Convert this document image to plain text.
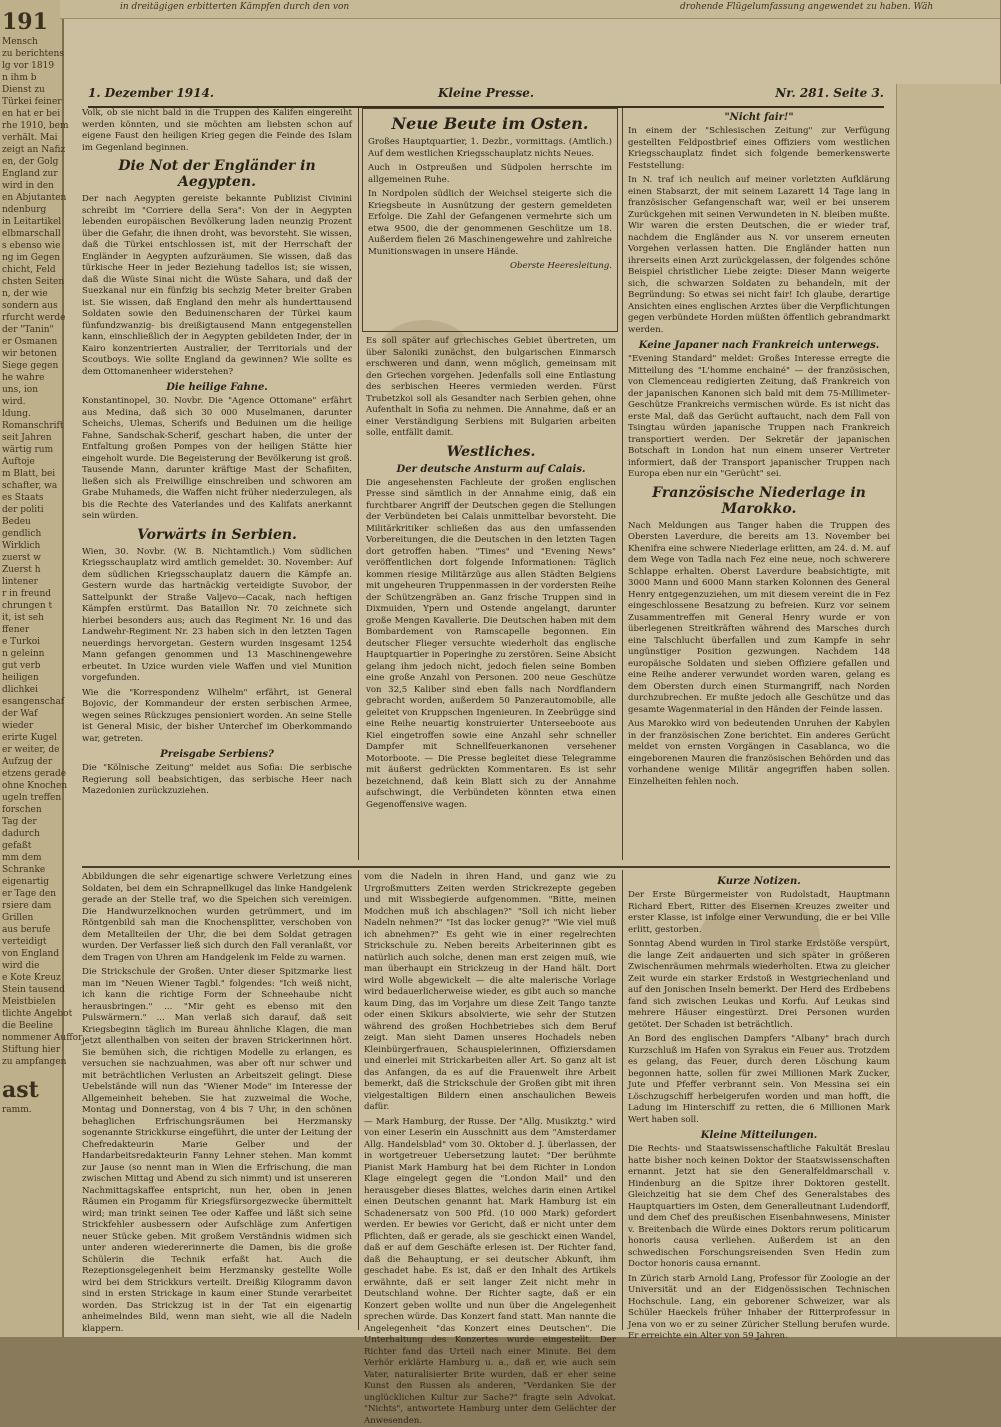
191
Mensch
zu berichtens
lg vor 1819
n ihm b
Dienst zu
Türkei feiner
en hat er bei
rhe 1910, bem
verhält. Mai
zeigt an Nafiz
en, der Golg
England zur
wird in den
en Abjutanten
ndenburg
in Leitartikel
elbmarschall
s ebenso wie
ng im Gegen
chicht, Feld
chsten Seiten
n, der wie
sondern aus
rfurcht werde
der "Tanin"
er Osmanen
wir betonen
Siege gegen
he wahre
uns, ion
wird.
ldung.
Romanschrift
seit Jahren
wärtig rum
Auftoje
m Blatt, bei
schafter, wa
es Staats
der politi
Bedeu
gendlich
Wirklich
zuerst w
Zuerst h
lintener
r in freund
chrungen t
it, ist seh
ffener
e Turkoi
n geleinn
gut verb
heiligen
dlichkei
esangenschaf
der Waf
wieder
erirte Kugel
er weiter, de
Aufzug der
etzens gerade
ohne Knochen
ugeln treffen
forschen
Tag der
dadurch
gefaßt
mm dem
Schranke
eigenartig
er Tage den
rsiere dam
Grillen
aus berufe
verteidigt
von England
wird die
e Kote Kreuz
Stein tausend
Meistbielen
tlichte Angebot
die Beeline
nommener Auffor
Stiftung hier
zu ampfangen
ast
ramm.
in dreitägigen erbitterten Kämpfen durch den von	drohende Flügelumfassung angewendet zu haben. Wäh
1. Dezember 1914.	Kleine Presse.	Nr. 281. Seite 3.

Volk, ob sie nicht bald in die Truppen des Kalifen eingereiht werden könnten, und sie möchten am liebsten schon auf eigene Faust den heiligen Krieg gegen die Feinde des Islam im Gegenland beginnen.

Die Not der Engländer in Aegypten.

Der nach Aegypten gereiste bekannte Publizist Civinini schreibt im "Corriere della Sera": Von der in Aegypten lebenden europäischen Bevölkerung laden neunzig Prozent über die Gefahr, die ihnen droht, was bevorsteht. Sie wissen, daß die Türkei entschlossen ist, mit der Herrschaft der Engländer in Aegypten aufzuräumen. Sie wissen, daß das türkische Heer in jeder Beziehung tadellos ist; sie wissen, daß die Wüste Sinai nicht die Wüste Sahara, und daß der Suezkanal nur ein fünfzig bis sechzig Meter breiter Graben ist. Sie wissen, daß England den mehr als hunderttausend Soldaten sowie den Beduinenscharen der Türkei kaum fünfundzwanzig- bis dreißigtausend Mann entgegenstellen kann, einschließlich der in Aegypten gebildeten Inder, der in Kairo konzentrierten Australier, der Territorials und der Scoutboys. Wie sollte England da gewinnen? Wie sollte es dem Ottomanenheer widerstehen?

Die heilige Fahne.

Konstantinopel, 30. Novbr. Die "Agence Ottomane" erfährt aus Medina, daß sich 30 000 Muselmanen, darunter Scheichs, Ulemas, Scherifs und Beduinen um die heilige Fahne, Sandschak-Scherif, geschart haben, die unter der Entfaltung großen Pompes von der heiligen Stätte hier eingeholt wurde. Die Begeisterung der Bevölkerung ist groß. Tausende Mann, darunter kräftige Mast der Schafiiten, ließen sich als Freiwillige einschreiben und schworen am Grabe Muhameds, die Waffen nicht früher niederzulegen, als bis die Rechte des Vaterlandes und des Kalifats anerkannt sein würden.

Vorwärts in Serbien.

Wien, 30. Novbr. (W. B. Nichtamtlich.) Vom südlichen Kriegsschauplatz wird amtlich gemeldet: 30. November: Auf dem südlichen Kriegsschauplatz dauern die Kämpfe an. Gestern wurde das hartnäckig verteidigte Suvobor, der Sattelpunkt der Straße Valjevo—Cacak, nach heftigen Kämpfen erstürmt. Das Bataillon Nr. 70 zeichnete sich hierbei besonders aus; auch das Regiment Nr. 16 und das Landwehr-Regiment Nr. 23 haben sich in den letzten Tagen neuerdings hervorgetan. Gestern wurden insgesamt 1254 Mann gefangen genommen und 13 Maschinengewehre erbeutet. In Uzice wurden viele Waffen und viel Munition vorgefunden.

Wie die "Korrespondenz Wilhelm" erfährt, ist General Bojovic, der Kommandeur der ersten serbischen Armee, wegen seines Rückzuges pensioniert worden. An seine Stelle ist General Misic, der bisher Unterchef im Oberkommando war, getreten.

Preisgabe Serbiens?

Die "Kölnische Zeitung" meldet aus Sofia: Die serbische Regierung soll beabsichtigen, das serbische Heer nach Mazedonien zurückzuziehen.

Neue Beute im Osten.

Großes Hauptquartier, 1. Dezbr., vormittags. (Amtlich.) Auf dem westlichen Kriegsschauplatz nichts Neues.

Auch in Ostpreußen und Südpolen herrschte im allgemeinen Ruhe.

In Nordpolen südlich der Weichsel steigerte sich die Kriegsbeute in Ausnützung der gestern gemeldeten Erfolge. Die Zahl der Gefangenen vermehrte sich um etwa 9500, die der genommenen Geschütze um 18. Außerdem fielen 26 Maschinengewehre und zahlreiche Munitionswagen in unsere Hände.

Oberste Heeresleitung.

Es soll später auf griechisches Gebiet übertreten, um über Saloniki zunächst, den bulgarischen Einmarsch erschweren und dann, wenn möglich, gemeinsam mit den Griechen vorgehen. Jedenfalls soll eine Entlastung des serbischen Heeres vermieden werden. Fürst Trubetzkoi soll als Gesandter nach Serbien gehen, ohne Aufenthalt in Sofia zu nehmen. Die Annahme, daß er an einer Verständigung Serbiens mit Bulgarien arbeiten solle, entfällt damit.

Westliches.
Der deutsche Ansturm auf Calais.

Die angesehensten Fachleute der großen englischen Presse sind sämtlich in der Annahme einig, daß ein furchtbarer Angriff der Deutschen gegen die Stellungen der Verbündeten bei Calais unmittelbar bevorsteht. Die Militärkritiker schließen das aus den umfassenden Vorbereitungen, die die Deutschen in den letzten Tagen dort getroffen haben. "Times" und "Evening News" veröffentlichen dort folgende Informationen: Täglich kommen riesige Militärzüge aus allen Städten Belgiens mit ungeheuren Truppenmassen in der vordersten Reihe der Schützengräben an. Ganz frische Truppen sind in Dixmuiden, Ypern und Ostende angelangt, darunter große Mengen Kavallerie. Die Deutschen haben mit dem Bombardement von Ramscapelle begonnen. Ein deutscher Flieger versuchte wiederholt das englische Hauptquartier in Poperinghe zu zerstören. Seine Absicht gelang ihm jedoch nicht, jedoch fielen seine Bomben eine große Anzahl von Personen. 200 neue Geschütze von 32,5 Kaliber sind eben falls nach Nordflandern gebracht worden, außerdem 50 Panzerautomobile, alle geleitet von Kruppschen Ingenieuren. In Zeebrügge sind eine Reihe neuartig konstruierter Unterseeboote aus Kiel eingetroffen sowie eine Anzahl sehr schneller Dampfer mit Schnellfeuerkanonen versehener Motorboote. — Die Presse begleitet diese Telegramme mit äußerst gedrückten Kommentaren. Es ist sehr bezeichnend, daß kein Blatt sich zu der Annahme aufschwingt, die Verbündeten könnten etwa einen Gegenoffensive wagen.

"Nicht fair!"

In einem der "Schlesischen Zeitung" zur Verfügung gestellten Feldpostbrief eines Offiziers vom westlichen Kriegsschauplatz findet sich folgende bemerkenswerte Feststellung:

In N. traf ich neulich auf meiner vorletzten Aufklärung einen Stabsarzt, der mit seinem Lazarett 14 Tage lang in französischer Gefangenschaft war, weil er bei unserem Zurückgehen mit seinen Verwundeten in N. bleiben mußte. Wir waren die ersten Deutschen, die er wieder traf, nachdem die Engländer aus N. vor unserem erneuten Vorgehen verlassen hatten. Die Engländer hatten nun ihrerseits einen Arzt zurückgelassen, der folgendes schöne Beispiel christlicher Liebe zeigte: Dieser Mann weigerte sich, die schwarzen Soldaten zu behandeln, mit der Begründung: So etwas sei nicht fair! Ich glaube, derartige Ansichten eines englischen Arztes über die Verpflichtungen gegen verbündete Horden müßten öffentlich gebrandmarkt werden.

Keine Japaner nach Frankreich unterwegs.

"Evening Standard" meldet: Großes Interesse erregte die Mitteilung des "L'homme enchainé" — der französischen, von Clemenceau redigierten Zeitung, daß Frankreich von der japanischen Kanonen sich bald mit dem 75-Millimeter-Geschütze Frankreichs vermischen würde. Es ist nicht das erste Mal, daß das Gerücht auftaucht, nach dem Fall von Tsingtau würden japanische Truppen nach Frankreich transportiert werden. Der Sekretär der japanischen Botschaft in London hat nun einem unserer Vertreter informiert, daß der Transport japanischer Truppen nach Europa eben nur ein "Gerücht" sei.

Französische Niederlage in Marokko.

Nach Meldungen aus Tanger haben die Truppen des Obersten Laverdure, die bereits am 13. November bei Khenifra eine schwere Niederlage erlitten, am 24. d. M. auf dem Wege von Tadla nach Fez eine neue, noch schwerere Schlappe erhalten. Oberst Laverdure beabsichtigte, mit 3000 Mann und 6000 Mann starken Kolonnen des General Henry entgegenzuziehen, um mit diesem vereint die in Fez eingeschlossene Besatzung zu befreien. Kurz vor seinem Zusammentreffen mit General Henry wurde er von überlegenen Streitkräften während des Marsches durch eine Talschlucht überfallen und zum Kampfe in sehr ungünstiger Position gezwungen. Nachdem 148 europäische Soldaten und sieben Offiziere gefallen und eine Reihe anderer verwundet worden waren, gelang es dem Obersten durch einen Sturmangriff, nach Norden durchzubrechen. Er mußte jedoch alle Geschütze und das gesamte Wagenmaterial in den Händen der Feinde lassen.

Aus Marokko wird von bedeutenden Unruhen der Kabylen in der französischen Zone berichtet. Ein anderes Gerücht meldet von ernsten Vorgängen in Casablanca, wo die eingeborenen Mauren die französischen Behörden und das vorhandene wenige Militär angegriffen haben sollen. Einzelheiten fehlen noch.

Abbildungen die sehr eigenartige schwere Verletzung eines Soldaten, bei dem ein Schrapnellkugel das linke Handgelenk gerade an der Stelle traf, wo die Speichen sich vereinigen. Die Handwurzelknochen wurden getrümmert, und im Röntgenbild sah man die Knochensplitter, verschoben von dem Metallteilen der Uhr, die bei dem Soldat getragen wurden. Der Verfasser ließ sich durch den Fall veranlaßt, vor dem Tragen von Uhren am Handgelenk im Felde zu warnen.

Die Strickschule der Großen. Unter dieser Spitzmarke liest man im "Neuen Wiener Tagbl." folgendes: "Ich weiß nicht, ich kann die richtige Form der Schneehaube nicht herausbringen." ... "Mir geht es ebenso mit den Pulswärmern." ... Man verlaß sich darauf, daß seit Kriegsbeginn täglich im Bureau ähnliche Klagen, die man jetzt allenthalben von seiten der braven Strickerinnen hört. Sie bemühen sich, die richtigen Modelle zu erlangen, es versuchen sie nachzuahmen, was aber oft nur schwer und mit beträchtlichen Verlusten an Arbeitszeit gelingt. Diese Uebelstände will nun das "Wiener Mode" im Interesse der Allgemeinheit beheben. Sie hat zuzweimal die Woche, Montag und Donnerstag, von 4 bis 7 Uhr, in den schönen behaglichen Erfrischungsräumen bei Herzmansky sogenannte Strickkurse eingeführt, die unter der Leitung der Chefredakteurin Marie Gelber und der Handarbeitsredakteurin Fanny Lehner stehen. Man kommt zur Jause (so nennt man in Wien die Erfrischung, die man zwischen Mittag und Abend zu sich nimmt) und ist unsereren Nachmittagskaffee entspricht, nun her, oben in jenen Räumen ein Progamm für Kriegsfürsorgezwecke übermittelt wird; man trinkt seinen Tee oder Kaffee und läßt sich seine Strickfehler ausbessern oder Aufschläge zum Anfertigen neuer Stücke geben. Mit großem Verständnis widmen sich unter anderen wiedererinnerte die Damen, bis die große Schülerin die Technik erfaßt hat. Auch die Rezeptionsgelegenheit beim Herzmansky gestellte Wolle wird bei dem Strickkurs verteilt. Dreißig Kilogramm davon sind in ersten Strickage in kaum einer Stunde verarbeitet worden. Das Strickzug ist in der Tat ein eigenartig anheimelndes Bild, wenn man sieht, wie all die Nadeln klappern.

vom die Nadeln in ihren Hand, und ganz wie zu Urgroßmutters Zeiten werden Strickrezepte gegeben und mit Wissbegierde aufgenommen. "Bitte, meinen Modchen muß ich abschlagen?" "Soll ich nicht lieber Nadeln nehmen?" "Ist das locker genug?" "Wie viel muß ich abnehmen?" Es geht wie in einer regelrechten Strickschule zu. Neben bereits Arbeiterinnen gibt es natürlich auch solche, denen man erst zeigen muß, wie man überhaupt ein Strickzeug in der Hand hält. Dort wird Wolle abgewickelt — die alte malerische Vorlage wird bedauerlicherweise wieder, es gibt auch so manche kaum Ding, das im Vorjahre um diese Zeit Tango tanzte oder einen Skikurs absolvierte, wie sehr der Stutzen während des großen Hochbetriebes sich dem Beruf zeigt. Man sieht Damen unseres Hochadels neben Kleinbürgerfrauen, Schauspielerinnen, Offiziersdamen und einerlei mit Strickarbeiten aller Art. So ganz alt ist das Anfangen, da es auf die Frauenwelt ihre Arbeit bemerkt, daß die Strickschule der Großen gibt mit ihren vielgestaltigen Bildern einen anschaulichen Beweis dafür.

— Mark Hamburg, der Russe. Der "Allg. Musikztg." wird von einer Leserin ein Ausschnitt aus dem "Amsterdamer Allg. Handelsblad" vom 30. Oktober d. J. überlassen, der in wortgetreuer Uebersetzung lautet: "Der berühmte Pianist Mark Hamburg hat bei dem Richter in London Klage eingelegt gegen die "London Mail" und den herausgeber dieses Blattes, welches darin einen Artikel einen Deutschen genannt hat. Mark Hamburg ist ein Schadenersatz von 500 Pfd. (10 000 Mark) gefordert werden. Er bewies vor Gericht, daß er nicht unter dem Pflichten, daß er gerade, als sie geschickt einen Wandel, daß er auf dem Geschäfte erlesen ist. Der Richter fand, daß die Behauptung, er sei deutscher Abkunft, ihm geschadet habe. Es ist, daß er den Inhalt des Artikels erwähnte, daß er seit langer Zeit nicht mehr in Deutschland wohne. Der Richter sagte, daß er ein Konzert geben wollte und nun über die Angelegenheit sprechen würde. Das Konzert fand statt. Man nannte die Angelegenheit "das Konzert eines Deutschen". Die Unterhaltung des Konzertes wurde eingestellt. Der Richter fand das Urteil nach einer Minute. Bei dem Verhör erklärte Hamburg u. a., daß er, wie auch sein Vater, naturalisierter Brite wurden, daß er eher seine Kunst den Russen als anderen, "Verdanken Sie der unglücklichen Kultur zur Sache?" fragte sein Advokat. "Nichts", antwortete Hamburg unter dem Gelächter der Anwesenden.

Kurze Notizen.

Der Erste Bürgermeister von Rudolstadt, Hauptmann Richard Ebert, Ritter des Eisernen Kreuzes zweiter und erster Klasse, ist infolge einer Verwundung, die er bei Ville erlitt, gestorben.

Sonntag Abend wurden in Tirol starke Erdstöße verspürt, die lange Zeit andauerten und sich später in größeren Zwischenräumen mehrmals wiederholten. Etwa zu gleicher Zeit wurde ein starker Erdstoß in Westgriechenland und auf den Jonischen Inseln bemerkt. Der Herd des Erdbebens fand sich zwischen Leukas und Korfu. Auf Leukas sind mehrere Häuser eingestürzt. Drei Personen wurden getötet. Der Schaden ist beträchtlich.

An Bord des englischen Dampfers "Albany" brach durch Kurzschluß im Hafen von Syrakus ein Feuer aus. Trotzdem es gelang, das Feuer, durch deren Löschung kaum begonnen hatte, sollen für zwei Millionen Mark Zucker, Jute und Pfeffer verbrannt sein. Von Messina sei ein Löschzugschiff herbeigerufen worden und man hofft, die Ladung im Hinterschiff zu retten, die 6 Millionen Mark Wert haben soll.

Kleine Mitteilungen.

Die Rechts- und Staatswissenschaftliche Fakultät Breslau hatte bisher noch keinen Doktor der Staatswissenschaften ernannt. Jetzt hat sie den Generalfeldmarschall v. Hindenburg an die Spitze ihrer Doktoren gestellt. Gleichzeitig hat sie dem Chef des Generalstabes des Hauptquartiers im Osten, dem Generalleutnant Ludendorff, und dem Chef des preußischen Eisenbahnwesens, Minister v. Breitenbach die Würde eines Doktors rerum politicarum honoris causa verliehen. Außerdem ist an den schwedischen Forschungsreisenden Sven Hedin zum Doctor honoris causa ernannt.

In Zürich starb Arnold Lang, Professor für Zoologie an der Universität und an der Eidgenössischen Technischen Hochschule. Lang, ein geborener Schweizer, war als Schüler Haeckels früher Inhaber der Ritterprofessur in Jena von wo er zu seiner Züricher Stellung berufen wurde. Er erreichte ein Alter von 59 Jahren.
